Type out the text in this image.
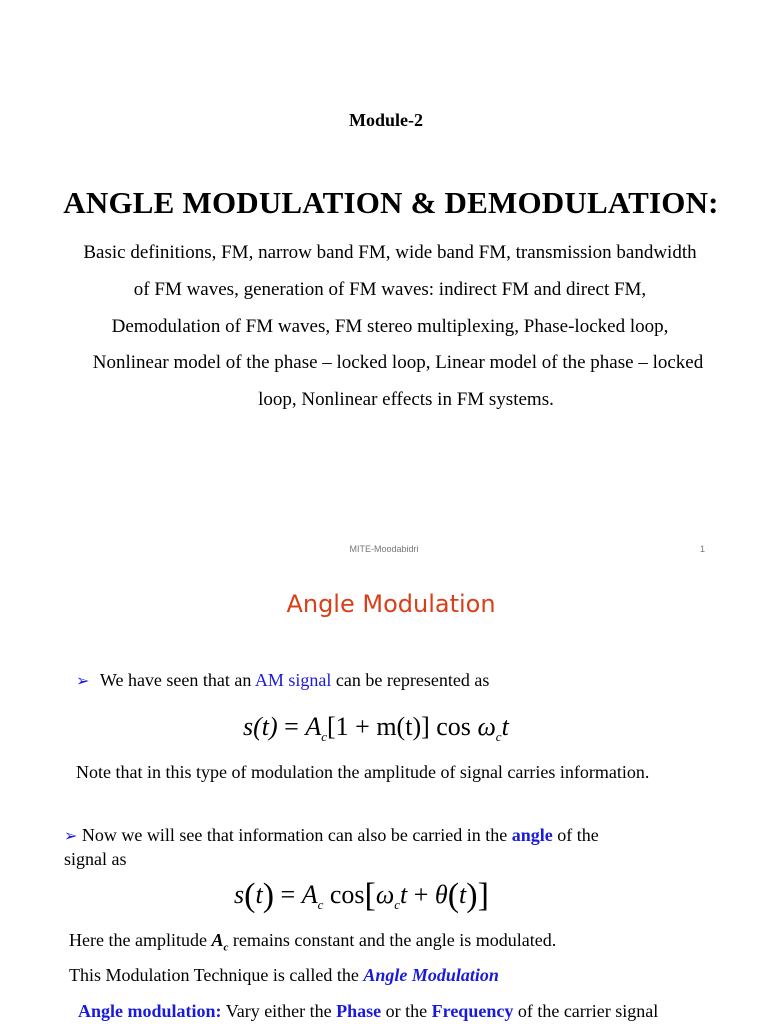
Module-2
ANGLE MODULATION & DEMODULATION:
Basic definitions, FM, narrow band FM, wide band FM, transmission bandwidth
of FM waves, generation of FM waves: indirect FM and direct FM,
Demodulation of FM waves, FM stereo multiplexing, Phase-locked loop,
Nonlinear model of the phase – locked loop, Linear model of the phase – locked
loop, Nonlinear effects in FM systems.
MITE-Moodabidri	1
Angle Modulation
➢ We have seen that an AM signal can be represented as
$s(t) = A_c[1 + m(t)]$ $\cos \omega_ct$
Note that in this type of modulation the amplitude of signal carries information.
➢ Now we will see that information can also be carried in the angle of the
signal as
$s(t) = A_c$ $\cos[\omega_ct + \theta(t)]$
Here the amplitude $A_c$ remains constant and the angle is modulated.
This Modulation Technique is called the Angle Modulation
Angle modulation: Vary either the Phase or the Frequency of the carrier signal
